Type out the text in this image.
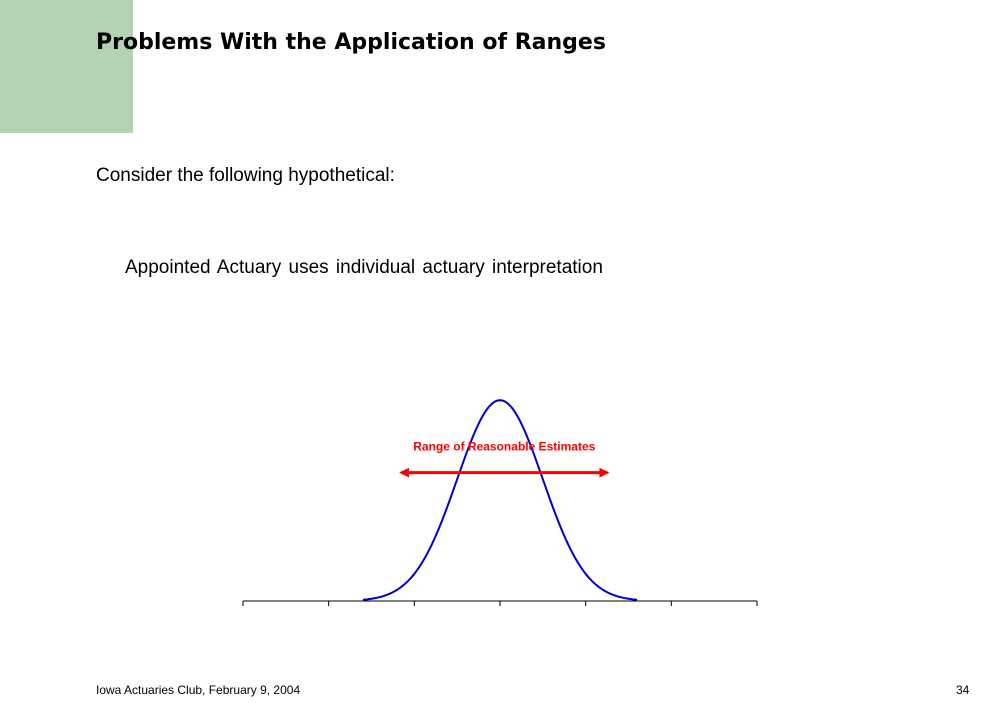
Problems With the Application of Ranges
Consider the following hypothetical:
Appointed Actuary uses individual actuary interpretation
Range of Reasonable Estimates
Iowa Actuaries Club, February 9, 2004	34
